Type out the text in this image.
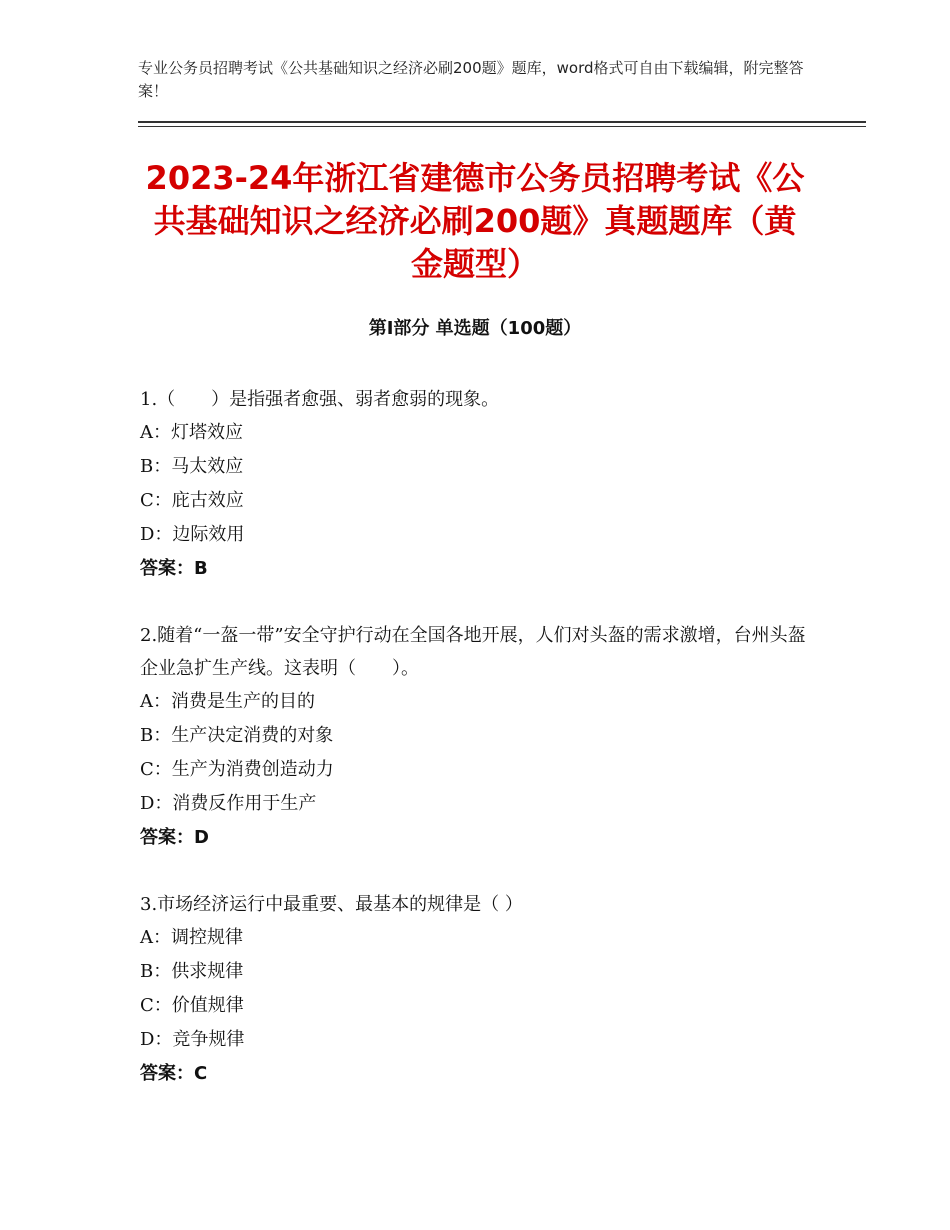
专业公务员招聘考试《公共基础知识之经济必刷200题》题库，word格式可自由下载编辑，附完整答案！
2023-24年浙江省建德市公务员招聘考试《公共基础知识之经济必刷200题》真题题库（黄金题型）
第Ⅰ部分 单选题（100题）
1.（　　）是指强者愈强、弱者愈弱的现象。
A：灯塔效应
B：马太效应
C：庇古效应
D：边际效用
答案：B
2.随着“一盔一带”安全守护行动在全国各地开展，人们对头盔的需求激增，台州头盔企业急扩生产线。这表明（　　）。
A：消费是生产的目的
B：生产决定消费的对象
C：生产为消费创造动力
D：消费反作用于生产
答案：D
3.市场经济运行中最重要、最基本的规律是（ ）
A：调控规律
B：供求规律
C：价值规律
D：竞争规律
答案：C
